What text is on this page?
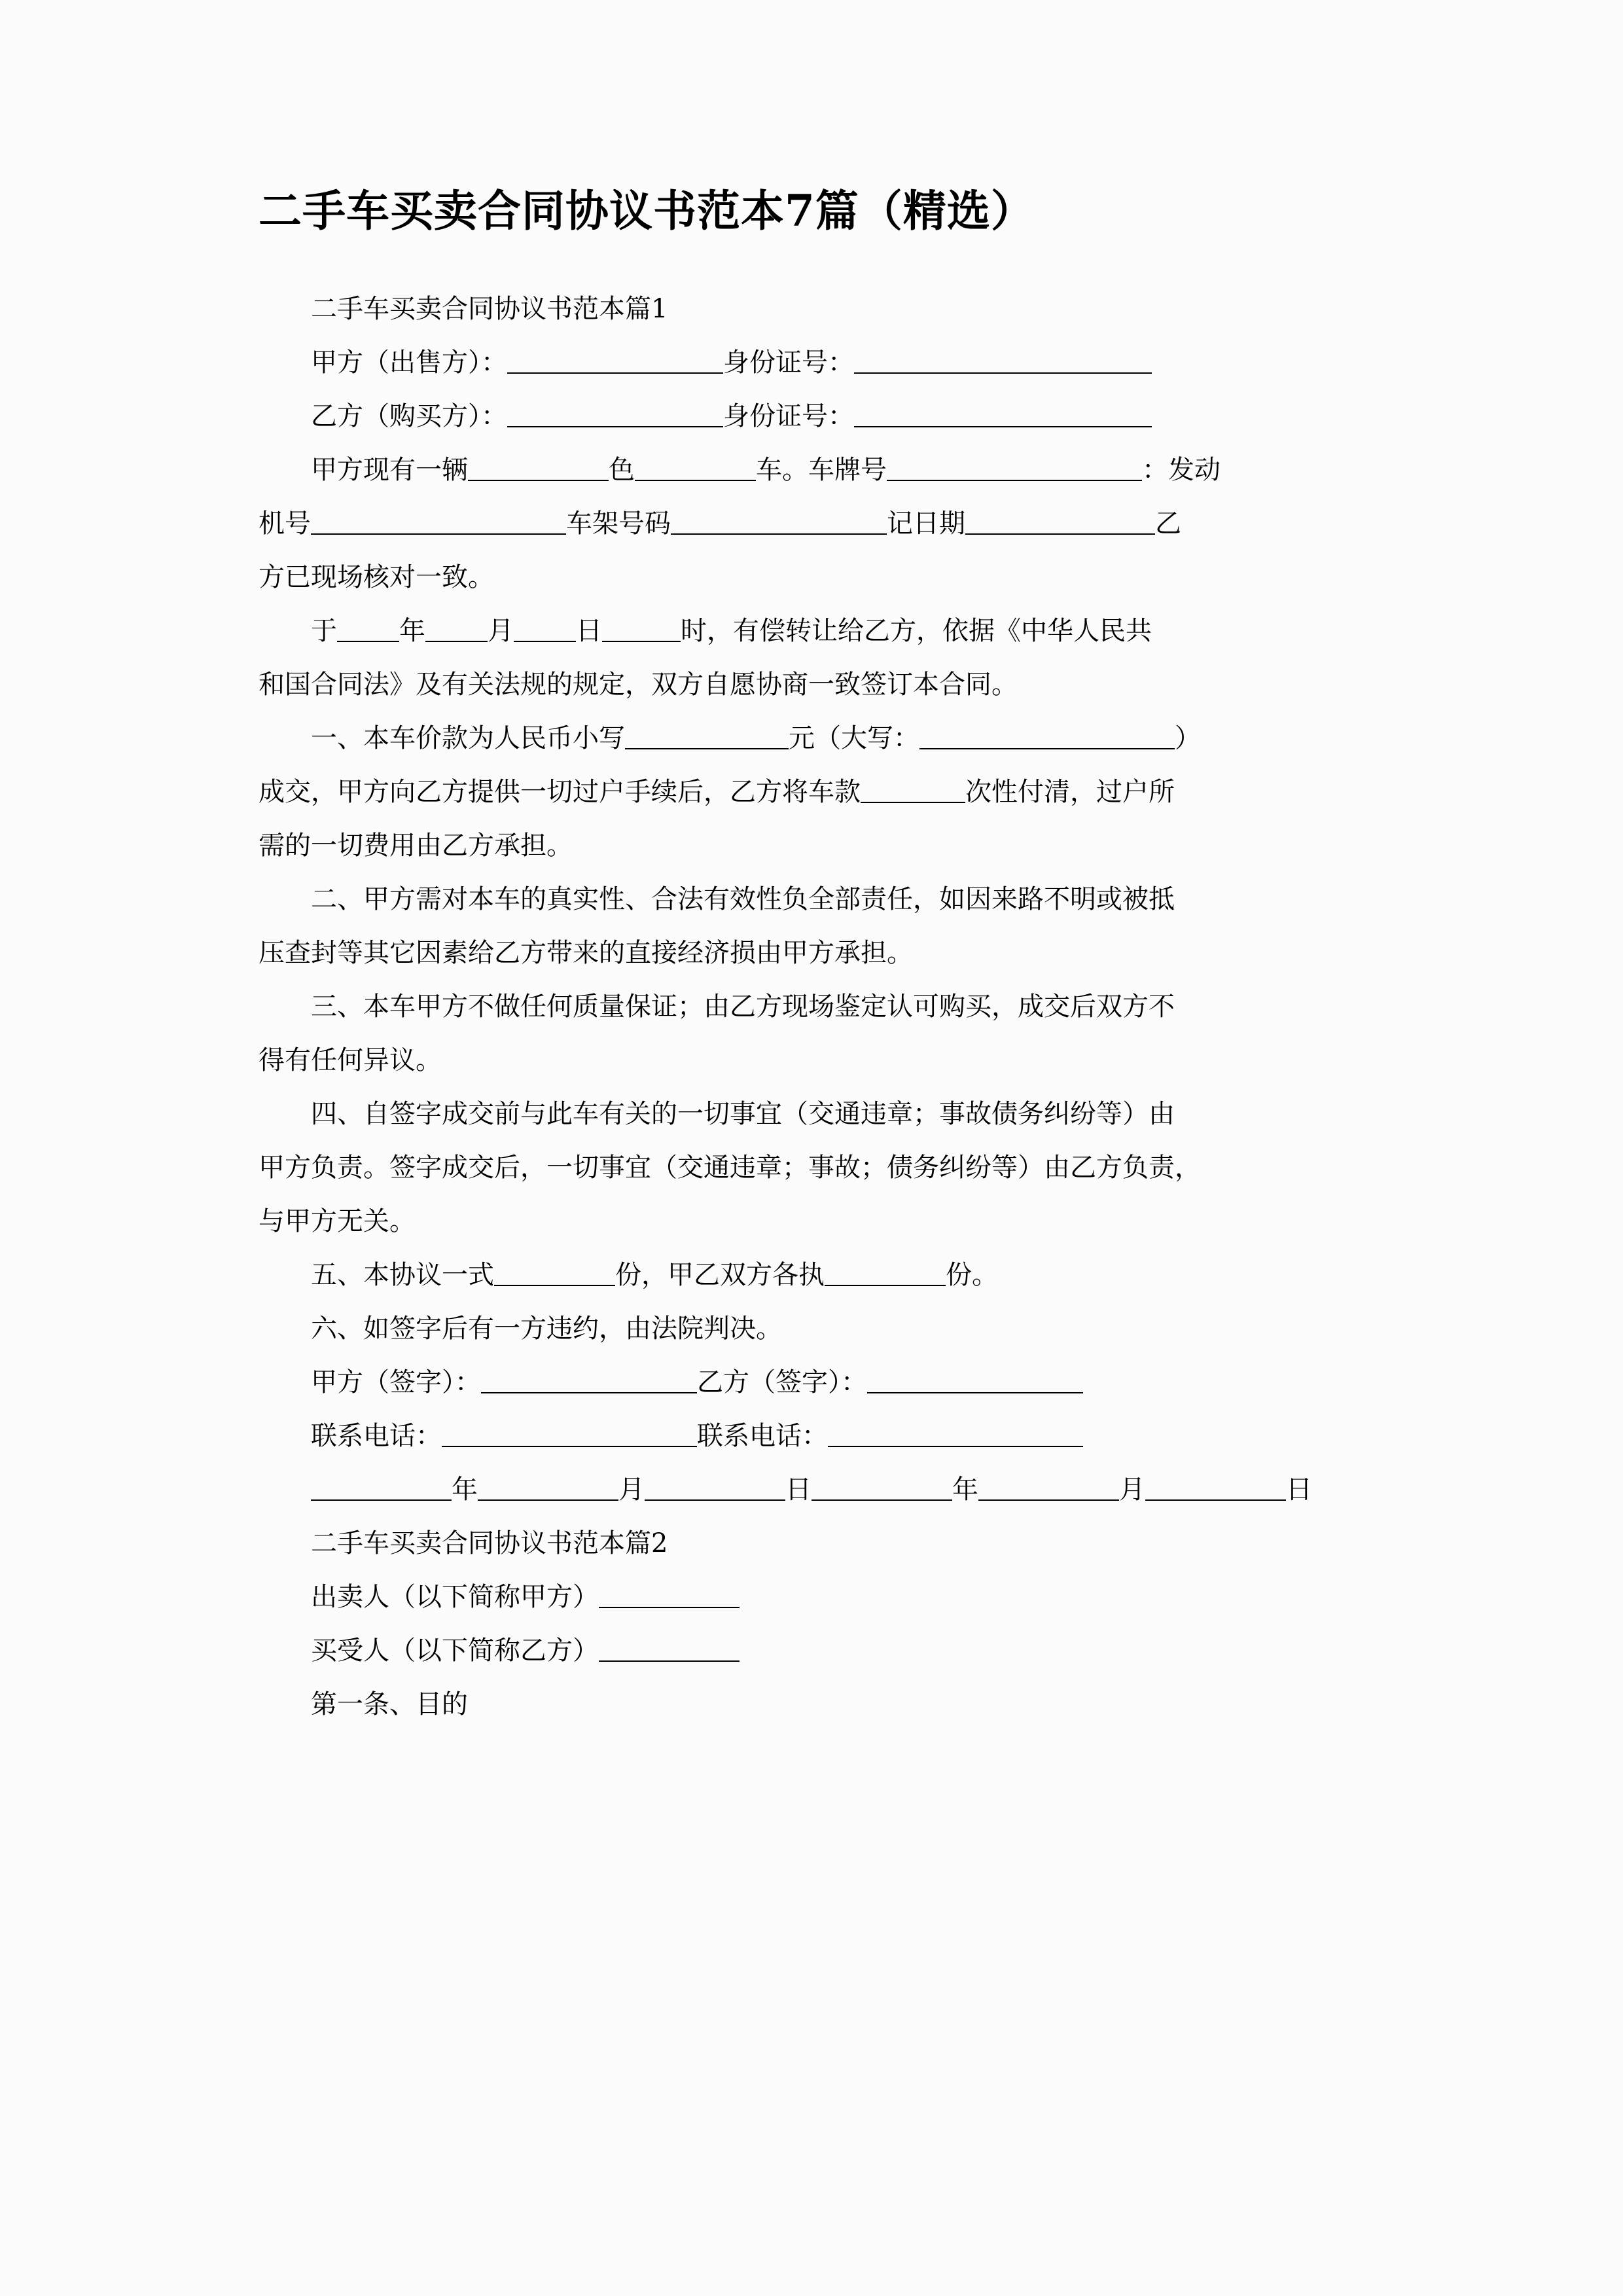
二手车买卖合同协议书范本7篇（精选）

二手车买卖合同协议书范本篇1

甲方（出售方）：	身份证号：

乙方（购买方）：	身份证号：

甲方现有一辆	色	车。车牌号	：发动

机号	车架号码	记日期	乙

方已现场核对一致。

于 年 月 日	时，有偿转让给乙方，依据《中华人民共

和国合同法》及有关法规的规定，双方自愿协商一致签订本合同。

一、本车价款为人民币小写	元（大写：	）

成交，甲方向乙方提供一切过户手续后，乙方将车款	次性付清，过户所

需的一切费用由乙方承担。

二、甲方需对本车的真实性、合法有效性负全部责任，如因来路不明或被抵

压查封等其它因素给乙方带来的直接经济损由甲方承担。

三、本车甲方不做任何质量保证；由乙方现场鉴定认可购买，成交后双方不

得有任何异议。

四、自签字成交前与此车有关的一切事宜（交通违章；事故债务纠纷等）由

甲方负责。签字成交后，一切事宜（交通违章；事故；债务纠纷等）由乙方负责，

与甲方无关。

五、本协议一式	份，甲乙双方各执	份。

六、如签字后有一方违约，由法院判决。

甲方（签字）：	乙方（签字）：

联系电话：	联系电话：

年	月	日	年	月	日

二手车买卖合同协议书范本篇2

出卖人（以下简称甲方）

买受人（以下简称乙方）

第一条、目的
